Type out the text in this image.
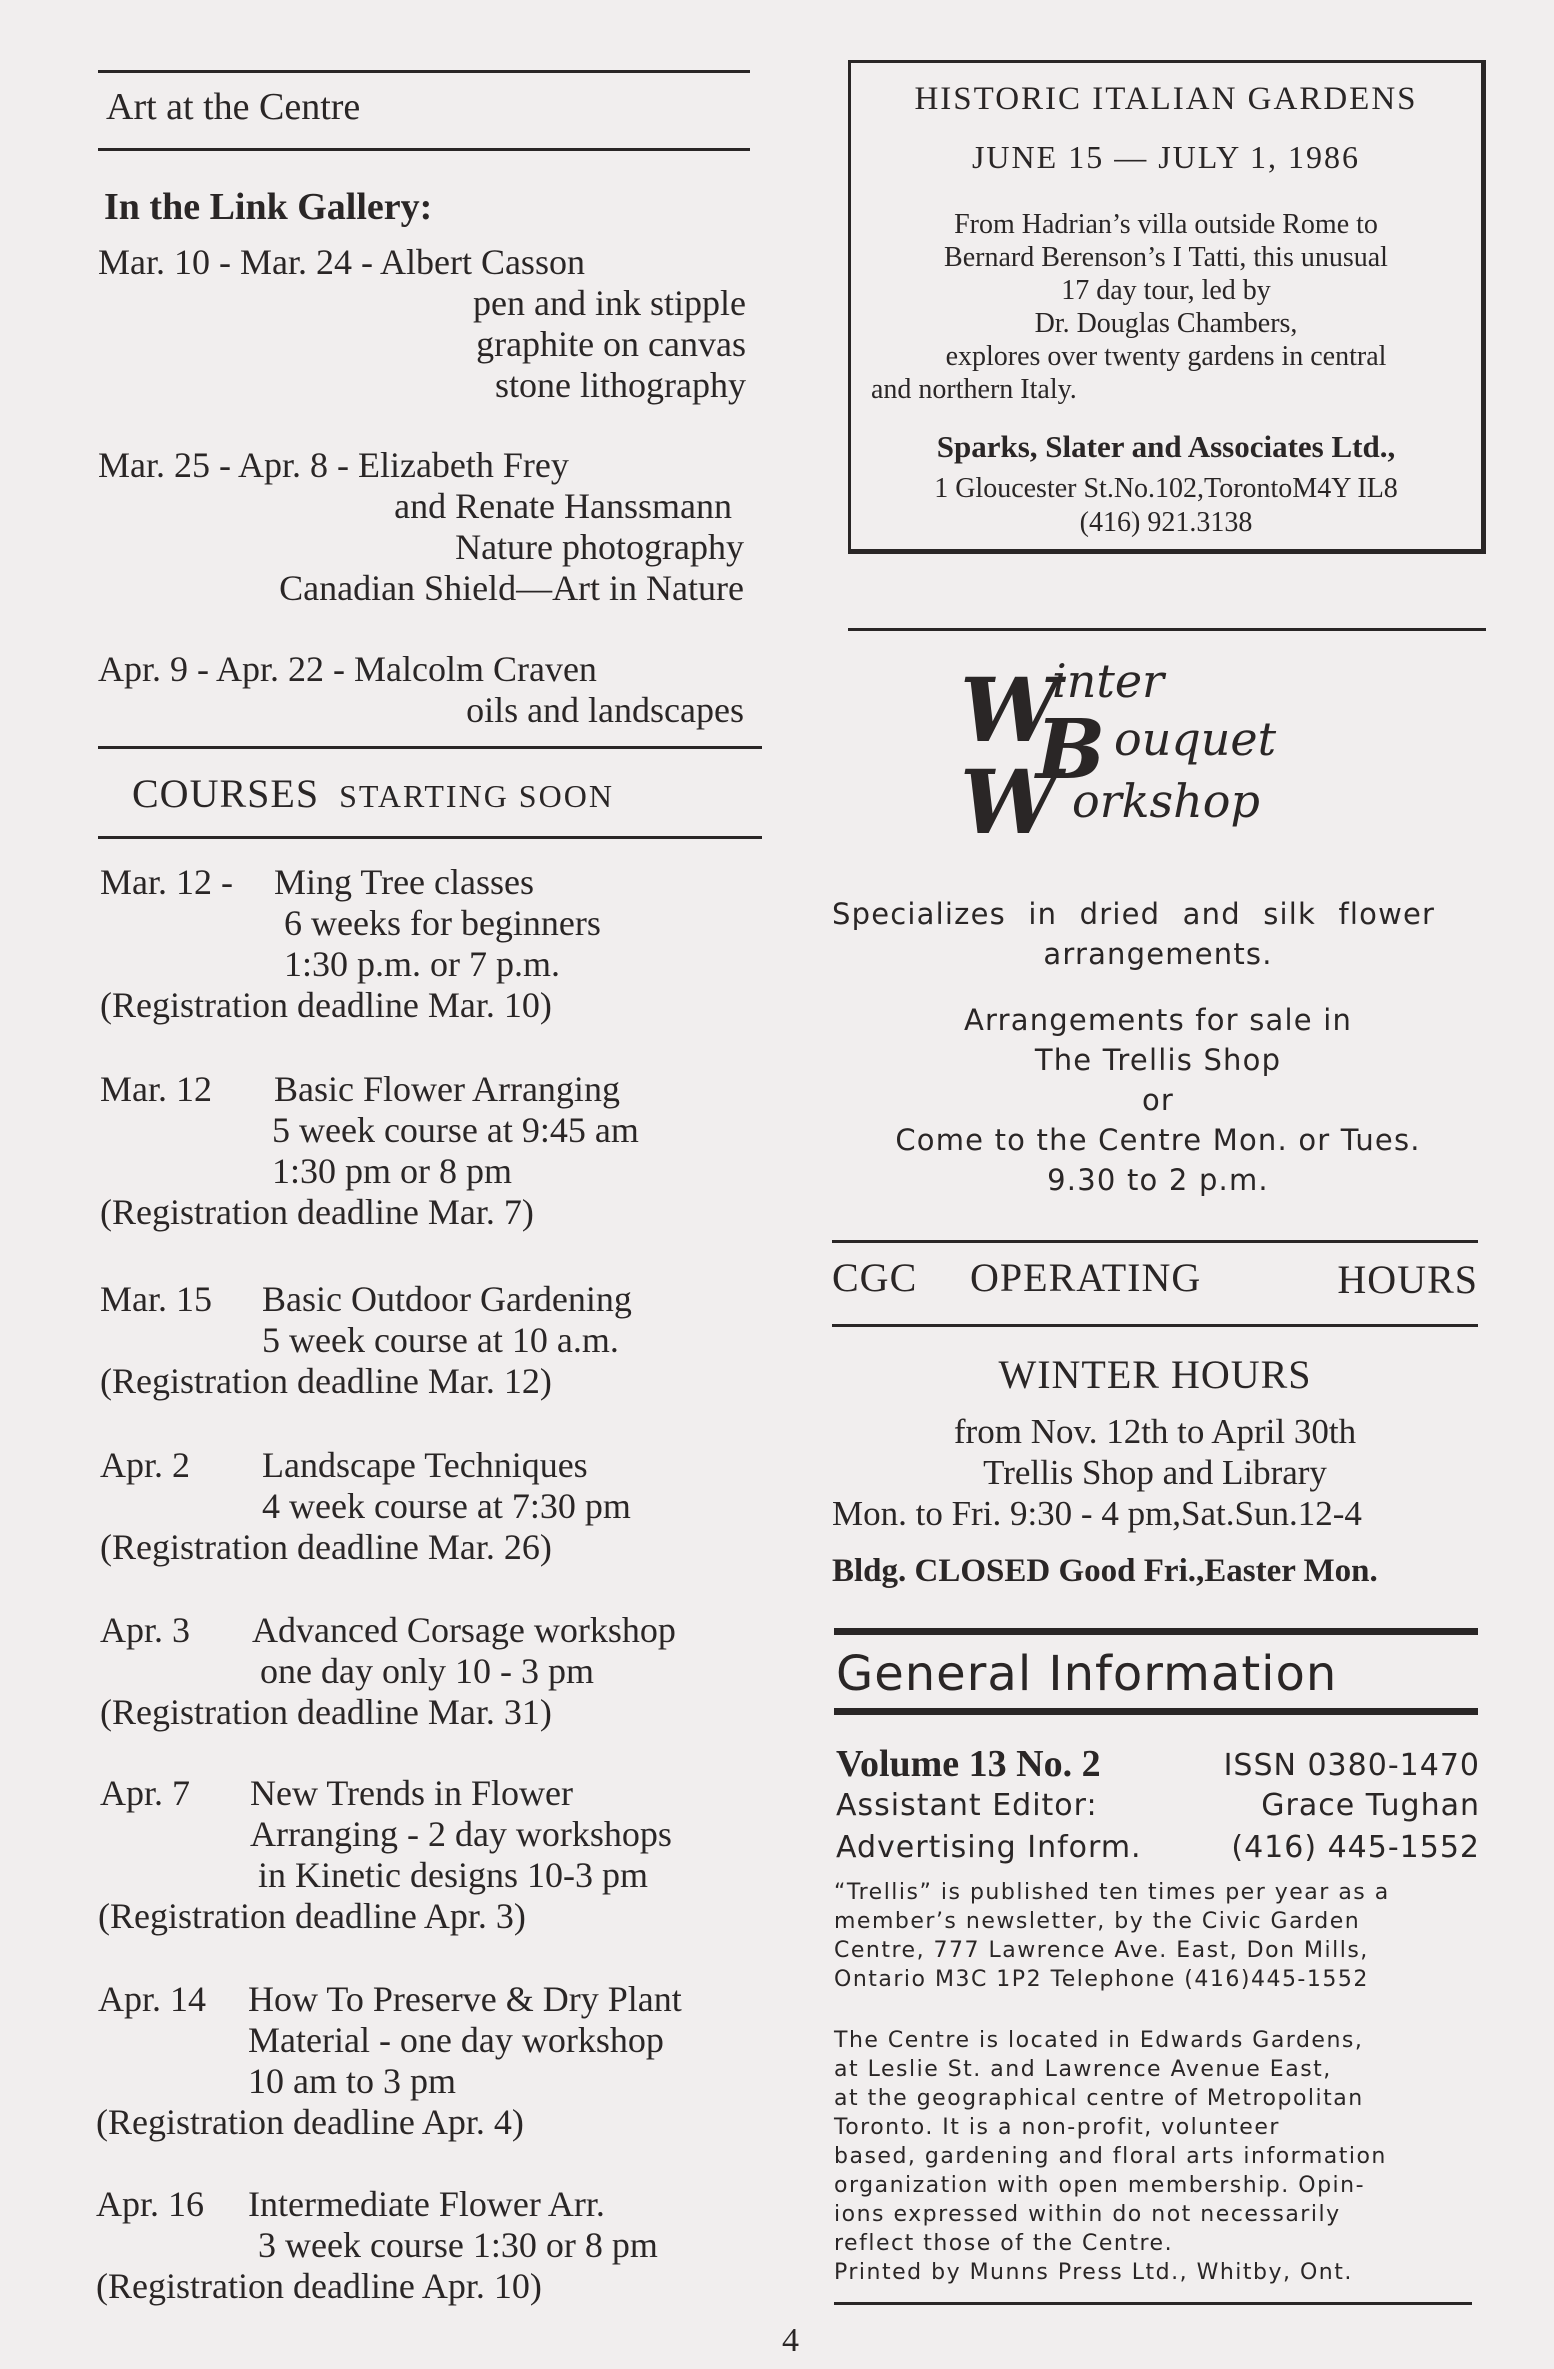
Art at the Centre
In the Link Gallery:
Mar. 10 - Mar. 24 - Albert Casson
pen and ink stipple
graphite on canvas
stone lithography
Mar. 25 - Apr. 8 - Elizabeth Frey
and Renate Hanssmann
Nature photography
Canadian Shield—Art in Nature
Apr. 9 - Apr. 22 - Malcolm Craven
oils and landscapes
COURSES STARTING SOON
Mar. 12 - Ming Tree classes
6 weeks for beginners
1:30 p.m. or 7 p.m.
(Registration deadline Mar. 10)
Mar. 12 Basic Flower Arranging
5 week course at 9:45 am
1:30 pm or 8 pm
(Registration deadline Mar. 7)
Mar. 15 Basic Outdoor Gardening
5 week course at 10 a.m.
(Registration deadline Mar. 12)
Apr. 2 Landscape Techniques
4 week course at 7:30 pm
(Registration deadline Mar. 26)
Apr. 3 Advanced Corsage workshop
one day only 10 - 3 pm
(Registration deadline Mar. 31)
Apr. 7 New Trends in Flower
Arranging - 2 day workshops
in Kinetic designs 10-3 pm
(Registration deadline Apr. 3)
Apr. 14 How To Preserve & Dry Plant
Material - one day workshop
10 am to 3 pm
(Registration deadline Apr. 4)
Apr. 16 Intermediate Flower Arr.
3 week course 1:30 or 8 pm
(Registration deadline Apr. 10)
HISTORIC ITALIAN GARDENS
JUNE 15 — JULY 1, 1986
From Hadrian’s villa outside Rome to
Bernard Berenson’s I Tatti, this unusual
17 day tour, led by
Dr. Douglas Chambers,
explores over twenty gardens in central
and northern Italy.
Sparks, Slater and Associates Ltd.,
1 Gloucester St.No.102,TorontoM4Y IL8
(416) 921.3138
W
inter
B ouquet
W orkshop
Specializes in dried and silk flower
arrangements.
Arrangements for sale in
The Trellis Shop
or
Come to the Centre Mon. or Tues.
9.30 to 2 p.m.
CGC OPERATING	HOURS
WINTER HOURS
from Nov. 12th to April 30th
Trellis Shop and Library
Mon. to Fri. 9:30 - 4 pm,Sat.Sun.12-4
Bldg. CLOSED Good Fri.,Easter Mon.
General Information
Volume 13 No. 2	ISSN 0380-1470
Assistant Editor:	Grace Tughan
Advertising Inform.	(416) 445-1552
“Trellis” is published ten times per year as a
member’s newsletter, by the Civic Garden
Centre, 777 Lawrence Ave. East, Don Mills,
Ontario M3C 1P2 Telephone (416)445-1552
The Centre is located in Edwards Gardens,
at Leslie St. and Lawrence Avenue East,
at the geographical centre of Metropolitan
Toronto. It is a non-profit, volunteer
based, gardening and floral arts information
organization with open membership. Opin-
ions expressed within do not necessarily
reflect those of the Centre.
Printed by Munns Press Ltd., Whitby, Ont.
4
